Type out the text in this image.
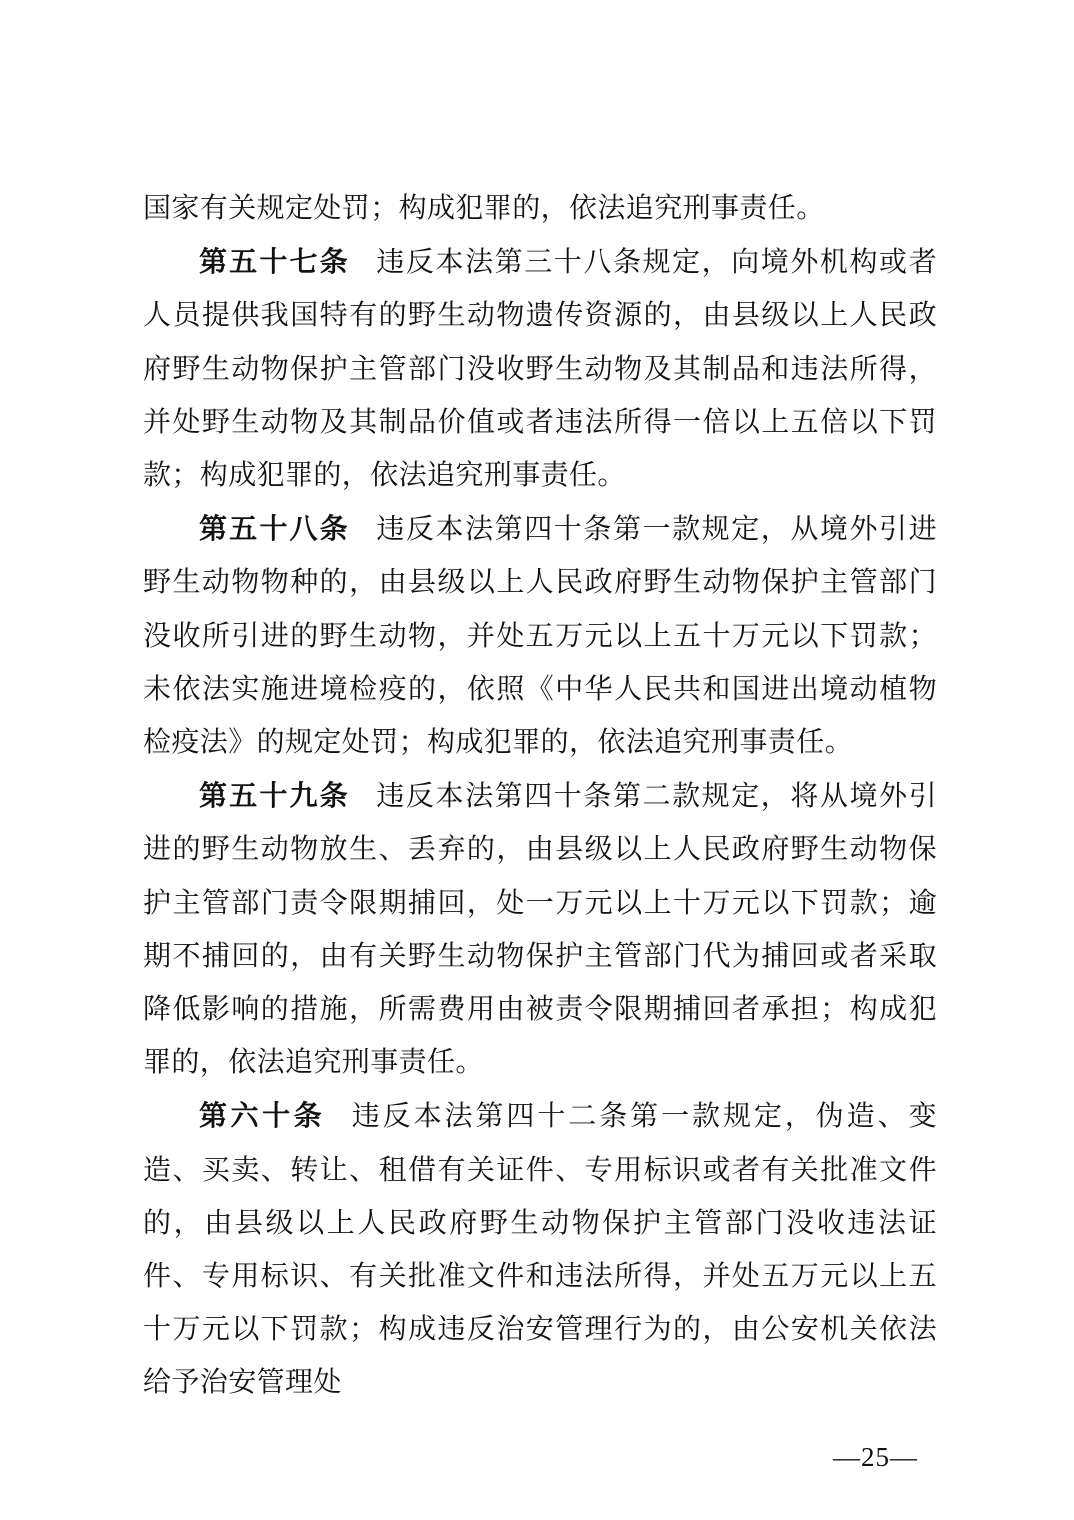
国家有关规定处罚；构成犯罪的，依法追究刑事责任。

第五十七条 违反本法第三十八条规定，向境外机构或者人员提供我国特有的野生动物遗传资源的，由县级以上人民政府野生动物保护主管部门没收野生动物及其制品和违法所得，并处野生动物及其制品价值或者违法所得一倍以上五倍以下罚款；构成犯罪的，依法追究刑事责任。

第五十八条 违反本法第四十条第一款规定，从境外引进野生动物物种的，由县级以上人民政府野生动物保护主管部门没收所引进的野生动物，并处五万元以上五十万元以下罚款；未依法实施进境检疫的，依照《中华人民共和国进出境动植物检疫法》的规定处罚；构成犯罪的，依法追究刑事责任。

第五十九条 违反本法第四十条第二款规定，将从境外引进的野生动物放生、丢弃的，由县级以上人民政府野生动物保护主管部门责令限期捕回，处一万元以上十万元以下罚款；逾期不捕回的，由有关野生动物保护主管部门代为捕回或者采取降低影响的措施，所需费用由被责令限期捕回者承担；构成犯罪的，依法追究刑事责任。

第六十条 违反本法第四十二条第一款规定，伪造、变造、买卖、转让、租借有关证件、专用标识或者有关批准文件的，由县级以上人民政府野生动物保护主管部门没收违法证件、专用标识、有关批准文件和违法所得，并处五万元以上五十万元以下罚款；构成违反治安管理行为的，由公安机关依法给予治安管理处

—25—
